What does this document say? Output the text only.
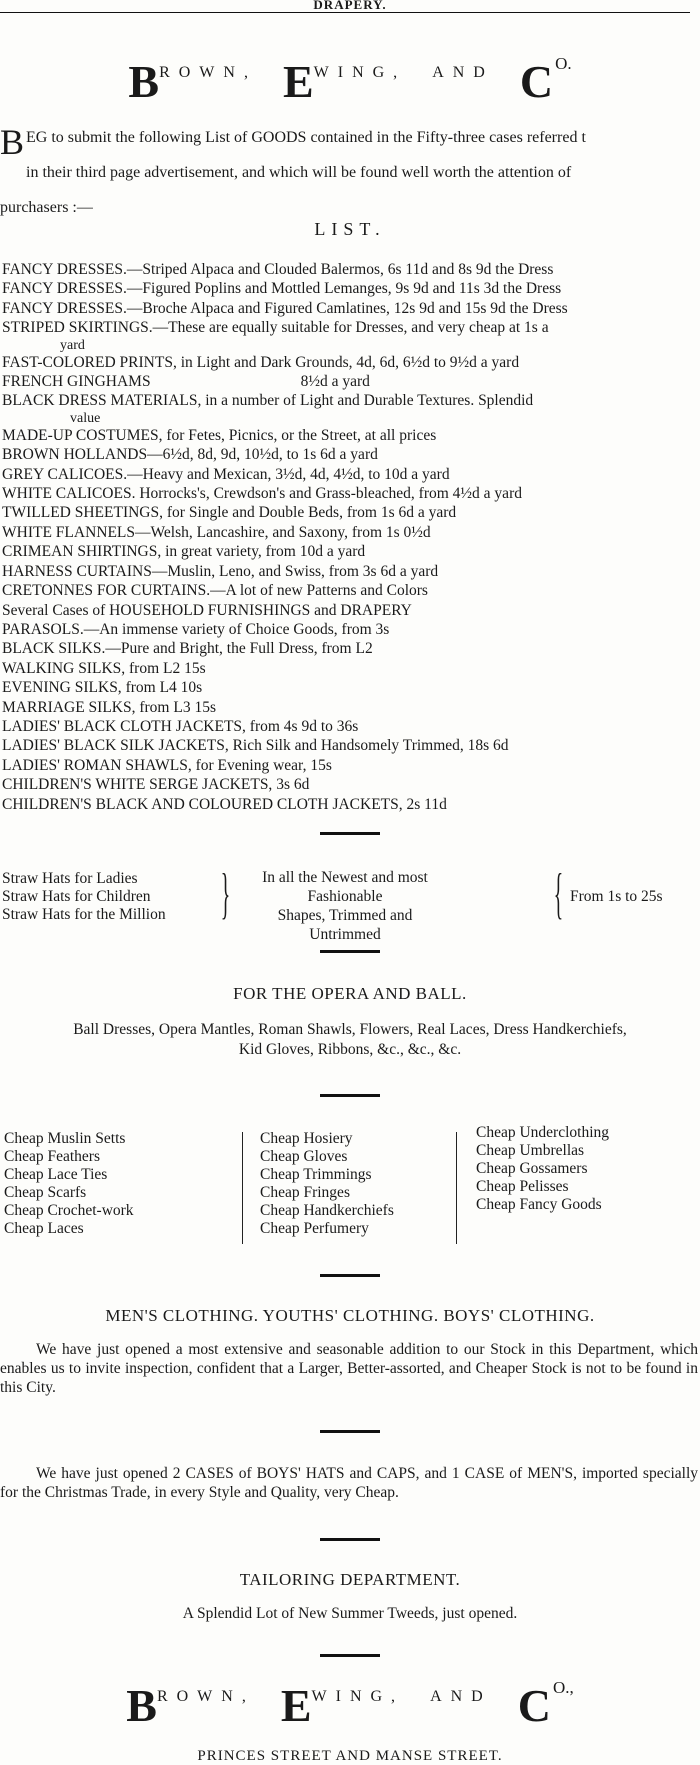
DRAPERY.
BROWN, EWING, AND C O.
B EG to submit the following List of GOODS contained in the Fifty-three cases referred t

in their third page advertisement, and which will be found well worth the attention of

purchasers :—

LIST.
FANCY DRESSES.—Striped Alpaca and Clouded Balermos, 6s 11d and 8s 9d the Dress
FANCY DRESSES.—Figured Poplins and Mottled Lemanges, 9s 9d and 11s 3d the Dress
FANCY DRESSES.—Broche Alpaca and Figured Camlatines, 12s 9d and 15s 9d the Dress
STRIPED SKIRTINGS.—These are equally suitable for Dresses, and very cheap at 1s a
yard
FAST-COLORED PRINTS, in Light and Dark Grounds, 4d, 6d, 6½d to 9½d a yard
FRENCH GINGHAMS	8½d a yard
BLACK DRESS MATERIALS, in a number of Light and Durable Textures. Splendid
value
MADE-UP COSTUMES, for Fetes, Picnics, or the Street, at all prices
BROWN HOLLANDS—6½d, 8d, 9d, 10½d, to 1s 6d a yard
GREY CALICOES.—Heavy and Mexican, 3½d, 4d, 4½d, to 10d a yard
WHITE CALICOES. Horrocks's, Crewdson's and Grass-bleached, from 4½d a yard
TWILLED SHEETINGS, for Single and Double Beds, from 1s 6d a yard
WHITE FLANNELS—Welsh, Lancashire, and Saxony, from 1s 0½d
CRIMEAN SHIRTINGS, in great variety, from 10d a yard
HARNESS CURTAINS—Muslin, Leno, and Swiss, from 3s 6d a yard
CRETONNES FOR CURTAINS.—A lot of new Patterns and Colors
Several Cases of HOUSEHOLD FURNISHINGS and DRAPERY
PARASOLS.—An immense variety of Choice Goods, from 3s
BLACK SILKS.—Pure and Bright, the Full Dress, from L2
WALKING SILKS, from L2 15s
EVENING SILKS, from L4 10s
MARRIAGE SILKS, from L3 15s
LADIES' BLACK CLOTH JACKETS, from 4s 9d to 36s
LADIES' BLACK SILK JACKETS, Rich Silk and Handsomely Trimmed, 18s 6d
LADIES' ROMAN SHAWLS, for Evening wear, 15s
CHILDREN'S WHITE SERGE JACKETS, 3s 6d
CHILDREN'S BLACK AND COLOURED CLOTH JACKETS, 2s 11d
Straw Hats for Ladies
Straw Hats for Children
Straw Hats for the Million }	In all the Newest and most Fashionable
Shapes, Trimmed and
Untrimmed
{ From 1s to 25s
FOR THE OPERA AND BALL.
Ball Dresses, Opera Mantles, Roman Shawls, Flowers, Real Laces, Dress Handkerchiefs,
Kid Gloves, Ribbons, &c., &c., &c.
Cheap Muslin Setts
Cheap Feathers
Cheap Lace Ties
Cheap Scarfs
Cheap Crochet-work
Cheap Laces
Cheap Hosiery
Cheap Gloves
Cheap Trimmings
Cheap Fringes
Cheap Handkerchiefs
Cheap Perfumery
Cheap Underclothing
Cheap Umbrellas
Cheap Gossamers
Cheap Pelisses
Cheap Fancy Goods
MEN'S CLOTHING. YOUTHS' CLOTHING. BOYS' CLOTHING.
We have just opened a most extensive and seasonable addition to our Stock in this Department, which enables us to invite inspection, confident that a Larger, Better-assorted, and Cheaper Stock is not to be found in this City.
We have just opened 2 CASES of BOYS' HATS and CAPS, and 1 CASE of MEN'S, imported specially for the Christmas Trade, in every Style and Quality, very Cheap.
TAILORING DEPARTMENT.
A Splendid Lot of New Summer Tweeds, just opened.
BROWN, EWING, AND C O.,
PRINCES STREET AND MANSE STREET.
